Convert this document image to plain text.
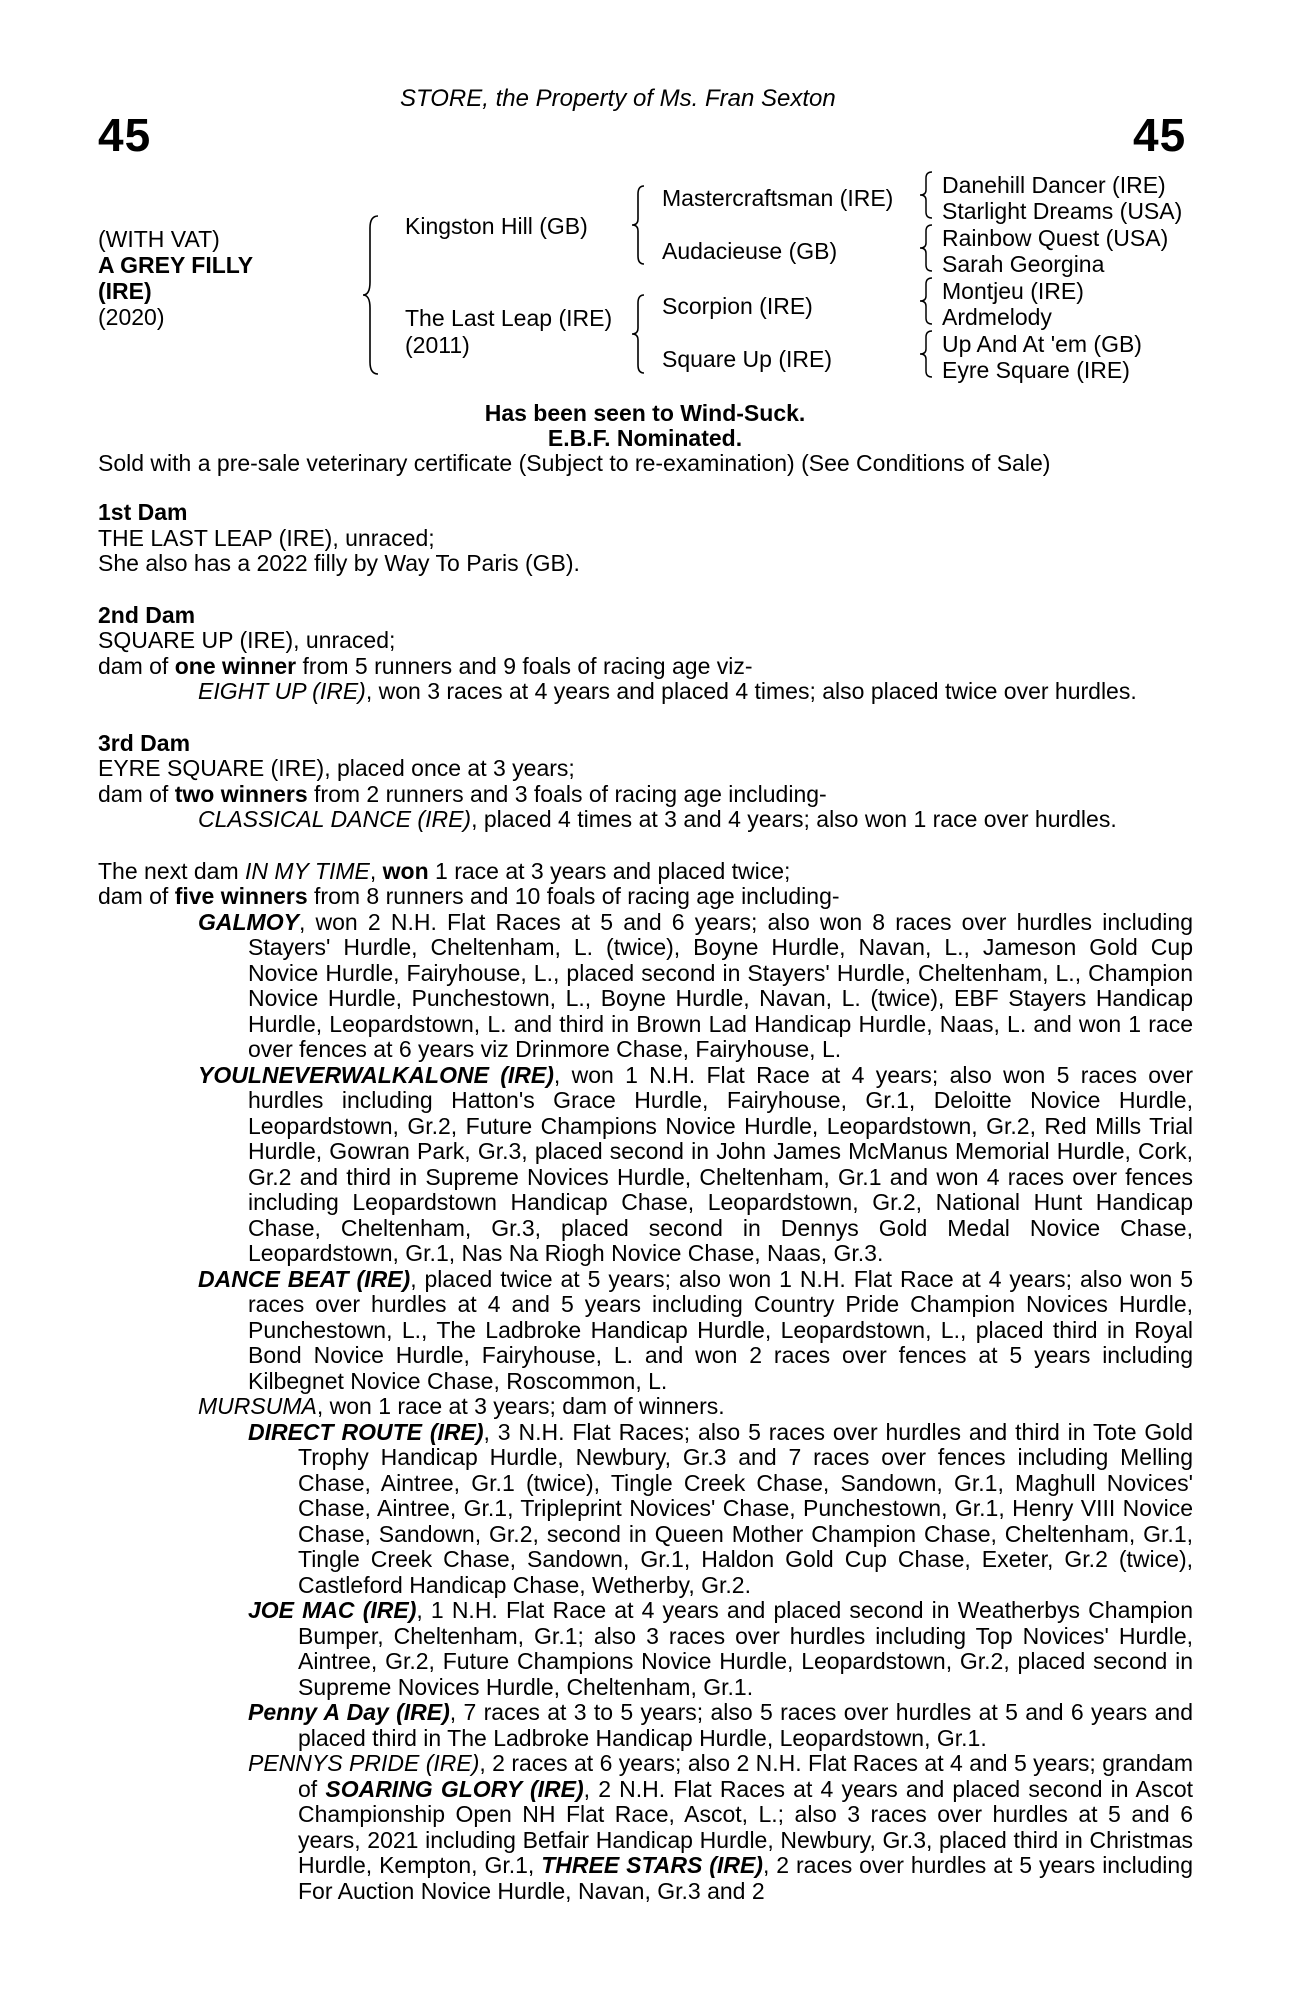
45	45
STORE, the Property of Ms. Fran Sexton
(WITH VAT)
A GREY FILLY
(IRE)
(2020)
Kingston Hill (GB)
The Last Leap (IRE)
(2011)
Mastercraftsman (IRE)
Audacieuse (GB)
Scorpion (IRE)
Square Up (IRE)
Danehill Dancer (IRE)
Starlight Dreams (USA)
Rainbow Quest (USA)
Sarah Georgina
Montjeu (IRE)
Ardmelody
Up And At 'em (GB)
Eyre Square (IRE)
Has been seen to Wind-Suck.
E.B.F. Nominated.
Sold with a pre-sale veterinary certificate (Subject to re-examination) (See Conditions of Sale)

1st Dam

THE LAST LEAP (IRE), unraced;

She also has a 2022 filly by Way To Paris (GB).

2nd Dam

SQUARE UP (IRE), unraced;

dam of one winner from 5 runners and 9 foals of racing age viz-

EIGHT UP (IRE), won 3 races at 4 years and placed 4 times; also placed twice over hurdles.

3rd Dam

EYRE SQUARE (IRE), placed once at 3 years;

dam of two winners from 2 runners and 3 foals of racing age including-

CLASSICAL DANCE (IRE), placed 4 times at 3 and 4 years; also won 1 race over hurdles.

The next dam IN MY TIME, won 1 race at 3 years and placed twice;

dam of five winners from 8 runners and 10 foals of racing age including-

GALMOY, won 2 N.H. Flat Races at 5 and 6 years; also won 8 races over hurdles including Stayers' Hurdle, Cheltenham, L. (twice), Boyne Hurdle, Navan, L., Jameson Gold Cup Novice Hurdle, Fairyhouse, L., placed second in Stayers' Hurdle, Cheltenham, L., Champion Novice Hurdle, Punchestown, L., Boyne Hurdle, Navan, L. (twice), EBF Stayers Handicap Hurdle, Leopardstown, L. and third in Brown Lad Handicap Hurdle, Naas, L. and won 1 race over fences at 6 years viz Drinmore Chase, Fairyhouse, L.

YOULNEVERWALKALONE (IRE), won 1 N.H. Flat Race at 4 years; also won 5 races over hurdles including Hatton's Grace Hurdle, Fairyhouse, Gr.1, Deloitte Novice Hurdle, Leopardstown, Gr.2, Future Champions Novice Hurdle, Leopardstown, Gr.2, Red Mills Trial Hurdle, Gowran Park, Gr.3, placed second in John James McManus Memorial Hurdle, Cork, Gr.2 and third in Supreme Novices Hurdle, Cheltenham, Gr.1 and won 4 races over fences including Leopardstown Handicap Chase, Leopardstown, Gr.2, National Hunt Handicap Chase, Cheltenham, Gr.3, placed second in Dennys Gold Medal Novice Chase, Leopardstown, Gr.1, Nas Na Riogh Novice Chase, Naas, Gr.3.

DANCE BEAT (IRE), placed twice at 5 years; also won 1 N.H. Flat Race at 4 years; also won 5 races over hurdles at 4 and 5 years including Country Pride Champion Novices Hurdle, Punchestown, L., The Ladbroke Handicap Hurdle, Leopardstown, L., placed third in Royal Bond Novice Hurdle, Fairyhouse, L. and won 2 races over fences at 5 years including Kilbegnet Novice Chase, Roscommon, L.

MURSUMA, won 1 race at 3 years; dam of winners.

DIRECT ROUTE (IRE), 3 N.H. Flat Races; also 5 races over hurdles and third in Tote Gold Trophy Handicap Hurdle, Newbury, Gr.3 and 7 races over fences including Melling Chase, Aintree, Gr.1 (twice), Tingle Creek Chase, Sandown, Gr.1, Maghull Novices' Chase, Aintree, Gr.1, Tripleprint Novices' Chase, Punchestown, Gr.1, Henry VIII Novice Chase, Sandown, Gr.2, second in Queen Mother Champion Chase, Cheltenham, Gr.1, Tingle Creek Chase, Sandown, Gr.1, Haldon Gold Cup Chase, Exeter, Gr.2 (twice), Castleford Handicap Chase, Wetherby, Gr.2.

JOE MAC (IRE), 1 N.H. Flat Race at 4 years and placed second in Weatherbys Champion Bumper, Cheltenham, Gr.1; also 3 races over hurdles including Top Novices' Hurdle, Aintree, Gr.2, Future Champions Novice Hurdle, Leopardstown, Gr.2, placed second in Supreme Novices Hurdle, Cheltenham, Gr.1.

Penny A Day (IRE), 7 races at 3 to 5 years; also 5 races over hurdles at 5 and 6 years and placed third in The Ladbroke Handicap Hurdle, Leopardstown, Gr.1.

PENNYS PRIDE (IRE), 2 races at 6 years; also 2 N.H. Flat Races at 4 and 5 years; grandam of SOARING GLORY (IRE), 2 N.H. Flat Races at 4 years and placed second in Ascot Championship Open NH Flat Race, Ascot, L.; also 3 races over hurdles at 5 and 6 years, 2021 including Betfair Handicap Hurdle, Newbury, Gr.3, placed third in Christmas Hurdle, Kempton, Gr.1, THREE STARS (IRE), 2 races over hurdles at 5 years including For Auction Novice Hurdle, Navan, Gr.3 and 2
